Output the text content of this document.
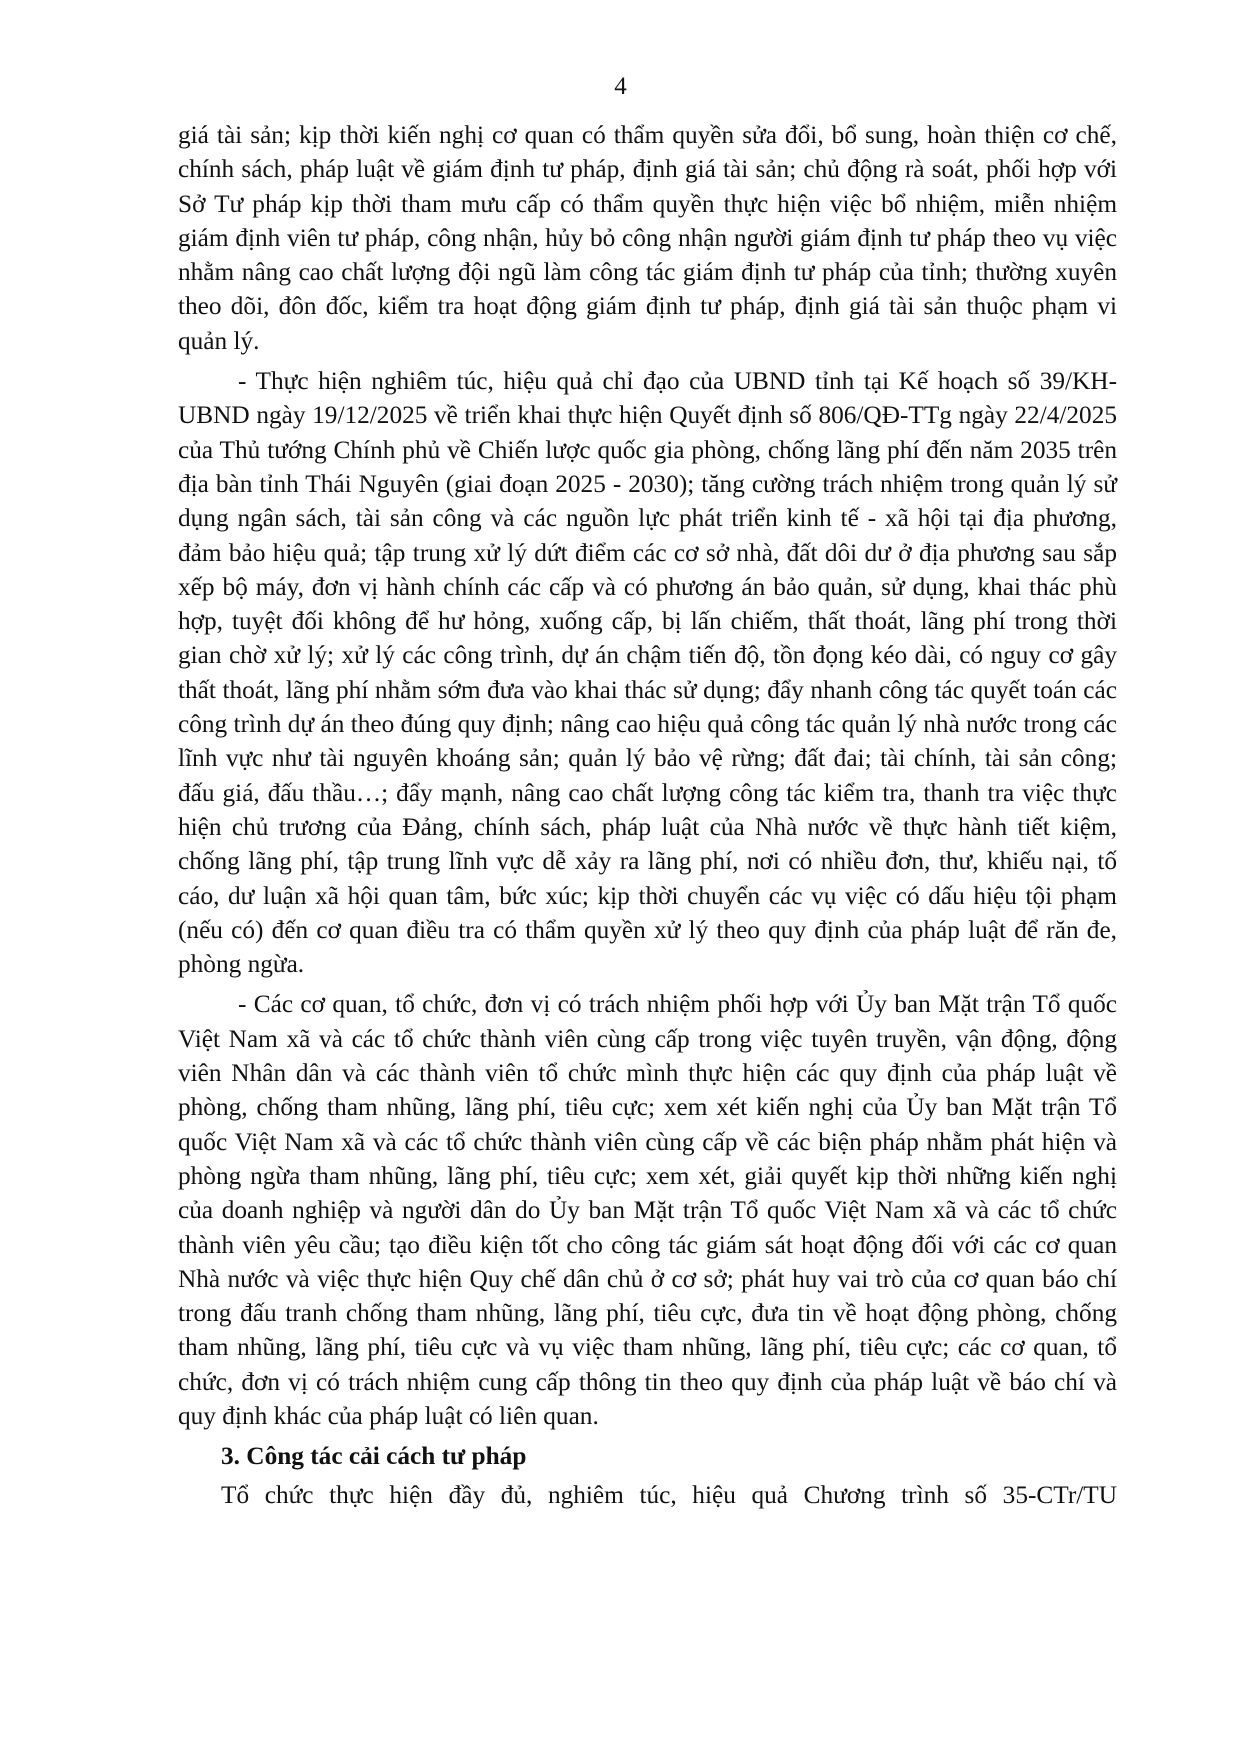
4

giá tài sản; kịp thời kiến nghị cơ quan có thẩm quyền sửa đổi, bổ sung, hoàn thiện cơ chế, chính sách, pháp luật về giám định tư pháp, định giá tài sản; chủ động rà soát, phối hợp với Sở Tư pháp kịp thời tham mưu cấp có thẩm quyền thực hiện việc bổ nhiệm, miễn nhiệm giám định viên tư pháp, công nhận, hủy bỏ công nhận người giám định tư pháp theo vụ việc nhằm nâng cao chất lượng đội ngũ làm công tác giám định tư pháp của tỉnh; thường xuyên theo dõi, đôn đốc, kiểm tra hoạt động giám định tư pháp, định giá tài sản thuộc phạm vi quản lý.

- Thực hiện nghiêm túc, hiệu quả chỉ đạo của UBND tỉnh tại Kế hoạch số 39/KH-UBND ngày 19/12/2025 về triển khai thực hiện Quyết định số 806/QĐ-TTg ngày 22/4/2025 của Thủ tướng Chính phủ về Chiến lược quốc gia phòng, chống lãng phí đến năm 2035 trên địa bàn tỉnh Thái Nguyên (giai đoạn 2025 - 2030); tăng cường trách nhiệm trong quản lý sử dụng ngân sách, tài sản công và các nguồn lực phát triển kinh tế - xã hội tại địa phương, đảm bảo hiệu quả; tập trung xử lý dứt điểm các cơ sở nhà, đất dôi dư ở địa phương sau sắp xếp bộ máy, đơn vị hành chính các cấp và có phương án bảo quản, sử dụng, khai thác phù hợp, tuyệt đối không để hư hỏng, xuống cấp, bị lấn chiếm, thất thoát, lãng phí trong thời gian chờ xử lý; xử lý các công trình, dự án chậm tiến độ, tồn đọng kéo dài, có nguy cơ gây thất thoát, lãng phí nhằm sớm đưa vào khai thác sử dụng; đẩy nhanh công tác quyết toán các công trình dự án theo đúng quy định; nâng cao hiệu quả công tác quản lý nhà nước trong các lĩnh vực như tài nguyên khoáng sản; quản lý bảo vệ rừng; đất đai; tài chính, tài sản công; đấu giá, đấu thầu…; đẩy mạnh, nâng cao chất lượng công tác kiểm tra, thanh tra việc thực hiện chủ trương của Đảng, chính sách, pháp luật của Nhà nước về thực hành tiết kiệm, chống lãng phí, tập trung lĩnh vực dễ xảy ra lãng phí, nơi có nhiều đơn, thư, khiếu nại, tố cáo, dư luận xã hội quan tâm, bức xúc; kịp thời chuyển các vụ việc có dấu hiệu tội phạm (nếu có) đến cơ quan điều tra có thẩm quyền xử lý theo quy định của pháp luật để răn đe, phòng ngừa.

- Các cơ quan, tổ chức, đơn vị có trách nhiệm phối hợp với Ủy ban Mặt trận Tổ quốc Việt Nam xã và các tổ chức thành viên cùng cấp trong việc tuyên truyền, vận động, động viên Nhân dân và các thành viên tổ chức mình thực hiện các quy định của pháp luật về phòng, chống tham nhũng, lãng phí, tiêu cực; xem xét kiến nghị của Ủy ban Mặt trận Tổ quốc Việt Nam xã và các tổ chức thành viên cùng cấp về các biện pháp nhằm phát hiện và phòng ngừa tham nhũng, lãng phí, tiêu cực; xem xét, giải quyết kịp thời những kiến nghị của doanh nghiệp và người dân do Ủy ban Mặt trận Tổ quốc Việt Nam xã và các tổ chức thành viên yêu cầu; tạo điều kiện tốt cho công tác giám sát hoạt động đối với các cơ quan Nhà nước và việc thực hiện Quy chế dân chủ ở cơ sở; phát huy vai trò của cơ quan báo chí trong đấu tranh chống tham nhũng, lãng phí, tiêu cực, đưa tin về hoạt động phòng, chống tham nhũng, lãng phí, tiêu cực và vụ việc tham nhũng, lãng phí, tiêu cực; các cơ quan, tổ chức, đơn vị có trách nhiệm cung cấp thông tin theo quy định của pháp luật về báo chí và quy định khác của pháp luật có liên quan.

3. Công tác cải cách tư pháp

Tổ chức thực hiện đầy đủ, nghiêm túc, hiệu quả Chương trình số 35-CTr/TU
